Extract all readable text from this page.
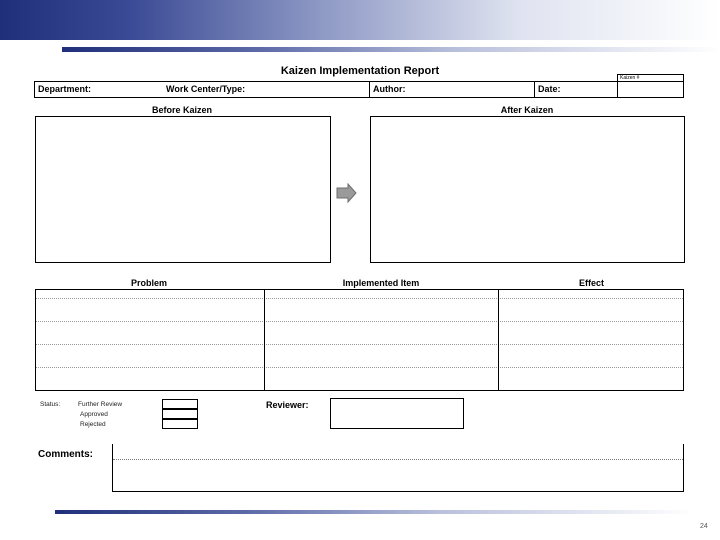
Kaizen Implementation Report
Kaizen #
Department:	Work Center/Type:	Author:	Date:
Before Kaizen	After Kaizen
Problem	Implemented Item	Effect
Status:	Further Review
Approved
Rejected
Reviewer:
Comments:
24
